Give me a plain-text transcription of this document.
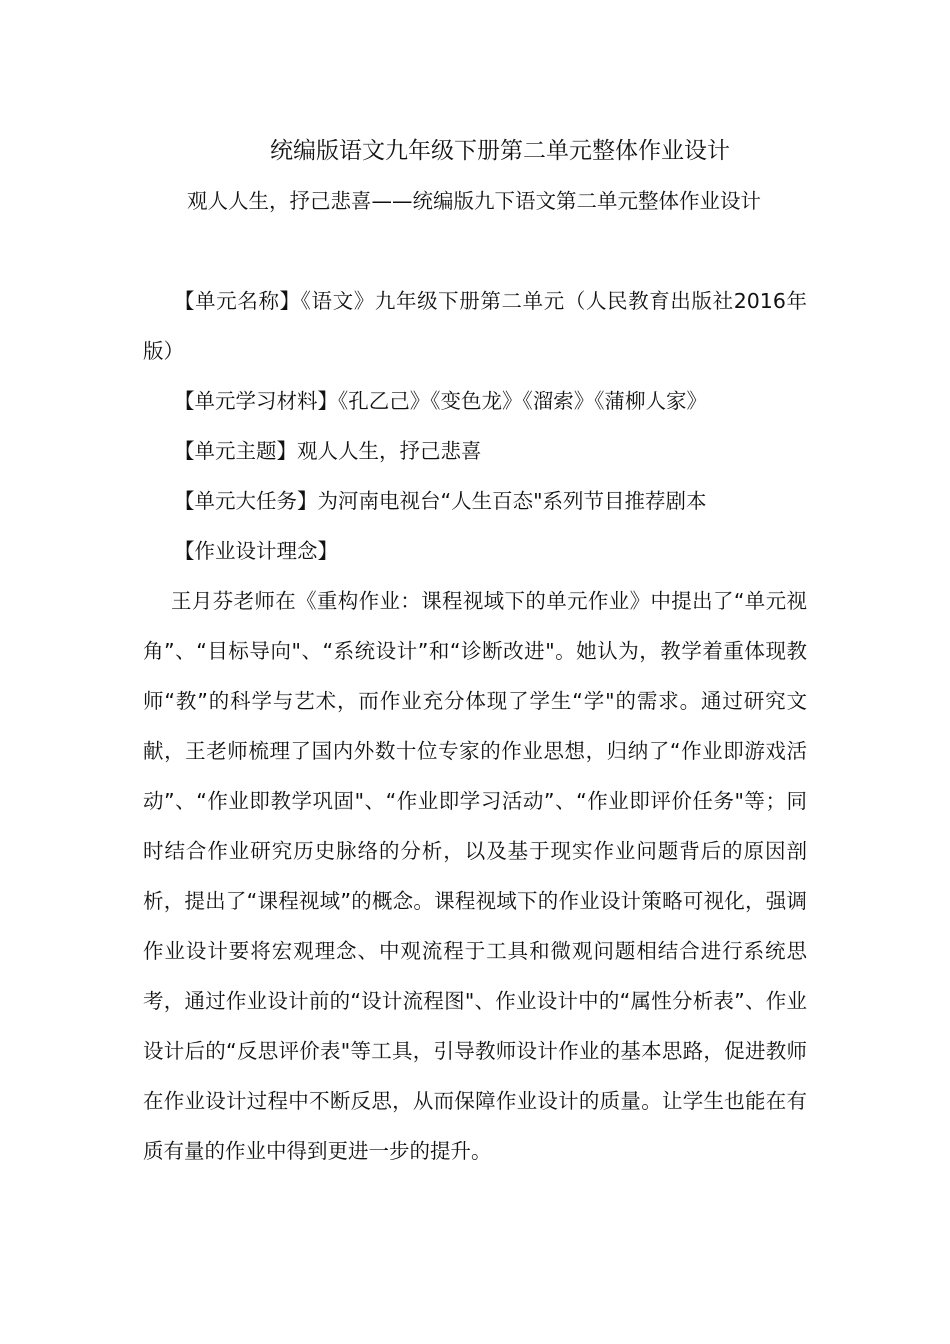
统编版语文九年级下册第二单元整体作业设计

观人人生，抒己悲喜——统编版九下语文第二单元整体作业设计

【单元名称】《语文》九年级下册第二单元（人民教育出版社2016年版）

【单元学习材料】《孔乙己》《变色龙》《溜索》《蒲柳人家》

【单元主题】观人人生，抒己悲喜

【单元大任务】为河南电视台“人生百态"系列节目推荐剧本

【作业设计理念】

王月芬老师在《重构作业：课程视域下的单元作业》中提出了“单元视角”、“目标导向"、“系统设计”和“诊断改进"。她认为，教学着重体现教师“教”的科学与艺术，而作业充分体现了学生“学"的需求。通过研究文献，王老师梳理了国内外数十位专家的作业思想，归纳了“作业即游戏活动”、“作业即教学巩固"、“作业即学习活动”、“作业即评价任务"等；同时结合作业研究历史脉络的分析，以及基于现实作业问题背后的原因剖析，提出了“课程视域”的概念。课程视域下的作业设计策略可视化，强调作业设计要将宏观理念、中观流程于工具和微观问题相结合进行系统思考，通过作业设计前的“设计流程图"、作业设计中的“属性分析表”、作业设计后的“反思评价表"等工具，引导教师设计作业的基本思路，促进教师在作业设计过程中不断反思，从而保障作业设计的质量。让学生也能在有质有量的作业中得到更进一步的提升。
